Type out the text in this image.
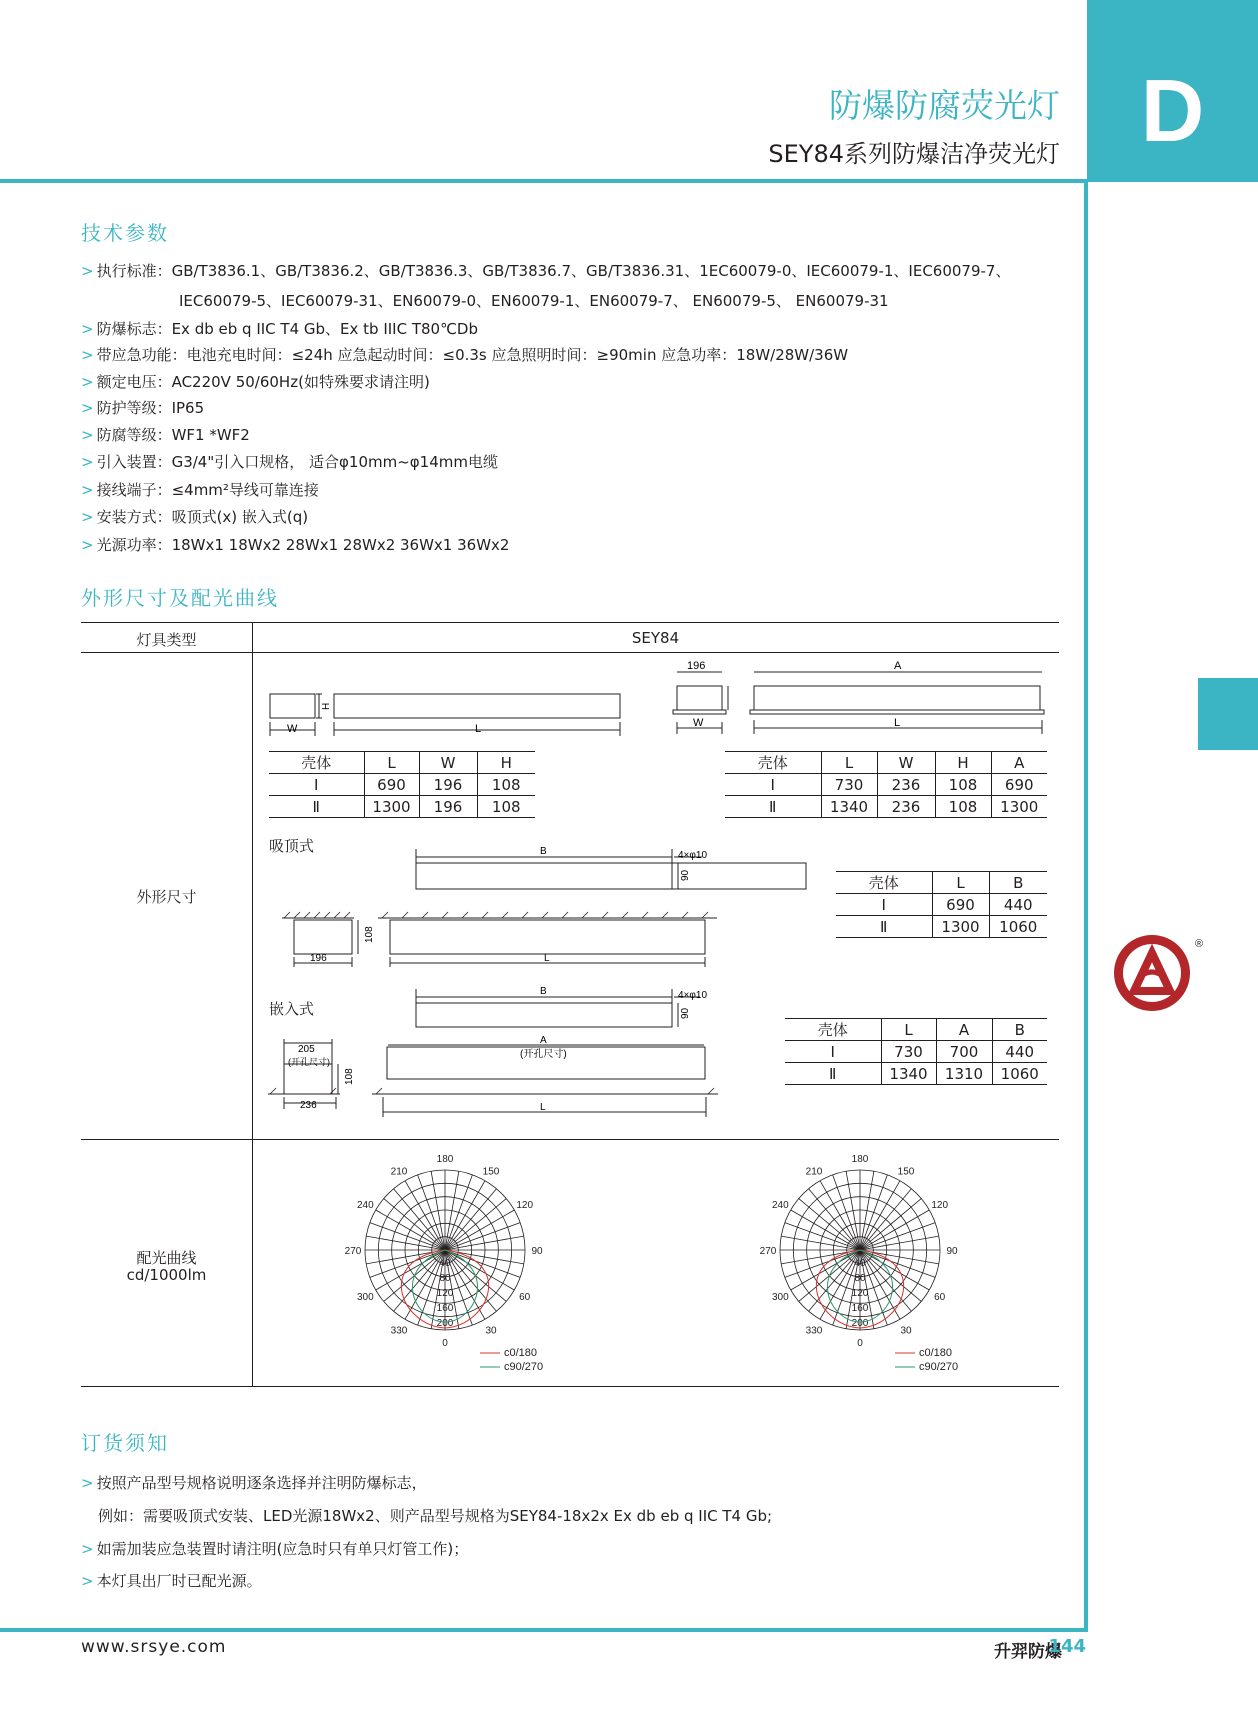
D
防爆防腐荧光灯
SEY84系列防爆洁净荧光灯
技术参数
> 执行标准：GB/T3836.1、GB/T3836.2、GB/T3836.3、GB/T3836.7、GB/T3836.31、1EC60079-0、IEC60079-1、IEC60079-7、
IEC60079-5、IEC60079-31、EN60079-0、EN60079-1、EN60079-7、 EN60079-5、 EN60079-31
> 防爆标志：Ex db eb q IIC T4 Gb、Ex tb IIIC T80℃Db
> 带应急功能：电池充电时间：≤24h 应急起动时间：≤0.3s 应急照明时间：≥90min 应急功率：18W/28W/36W
> 额定电压：AC220V 50/60Hz(如特殊要求请注明)
> 防护等级：IP65
> 防腐等级：WF1 *WF2
> 引入装置：G3/4"引入口规格， 适合φ10mm~φ14mm电缆
> 接线端子：≤4mm²导线可靠连接
> 安装方式：吸顶式(x) 嵌入式(q)
> 光源功率：18Wx1 18Wx2 28Wx1 28Wx2 36Wx1 36Wx2
外形尺寸及配光曲线
灯具类型	SEY84
外形尺寸
配光曲线
cd/1000lm
H
W	L
196
W
A
L
壳体	L	W	H
Ⅰ	690	196	108
Ⅱ	1300	196	108
壳体	L	W	H	A
Ⅰ	730	236	108	690
Ⅱ	1340	236	108	1300
吸顶式	B	4×φ10
90
108
196	L
壳体	L	B
Ⅰ	690	440
Ⅱ	1300	1060
嵌入式
B	4×φ10
90
A
(开孔尺寸)
205
(开孔尺寸)
108
236	L
壳体	L	A	B
Ⅰ	730	700	440
Ⅱ	1340	1310	1060
180
150
120
90
60
30
0
330
300
270
240
210
0
40
80
120
160
200
c0/180
c90/270
180
150
120
90
60
30
0
330
300
270
240
210
0
40
80
120
160
200
c0/180
c90/270
®
订货须知
> 按照产品型号规格说明逐条选择并注明防爆标志，
例如：需要吸顶式安装、LED光源18Wx2、则产品型号规格为SEY84-18x2x Ex db eb q IIC T4 Gb;
> 如需加装应急装置时请注明(应急时只有单只灯管工作)；
> 本灯具出厂时已配光源。
www.srsye.com	升羿防爆
144
